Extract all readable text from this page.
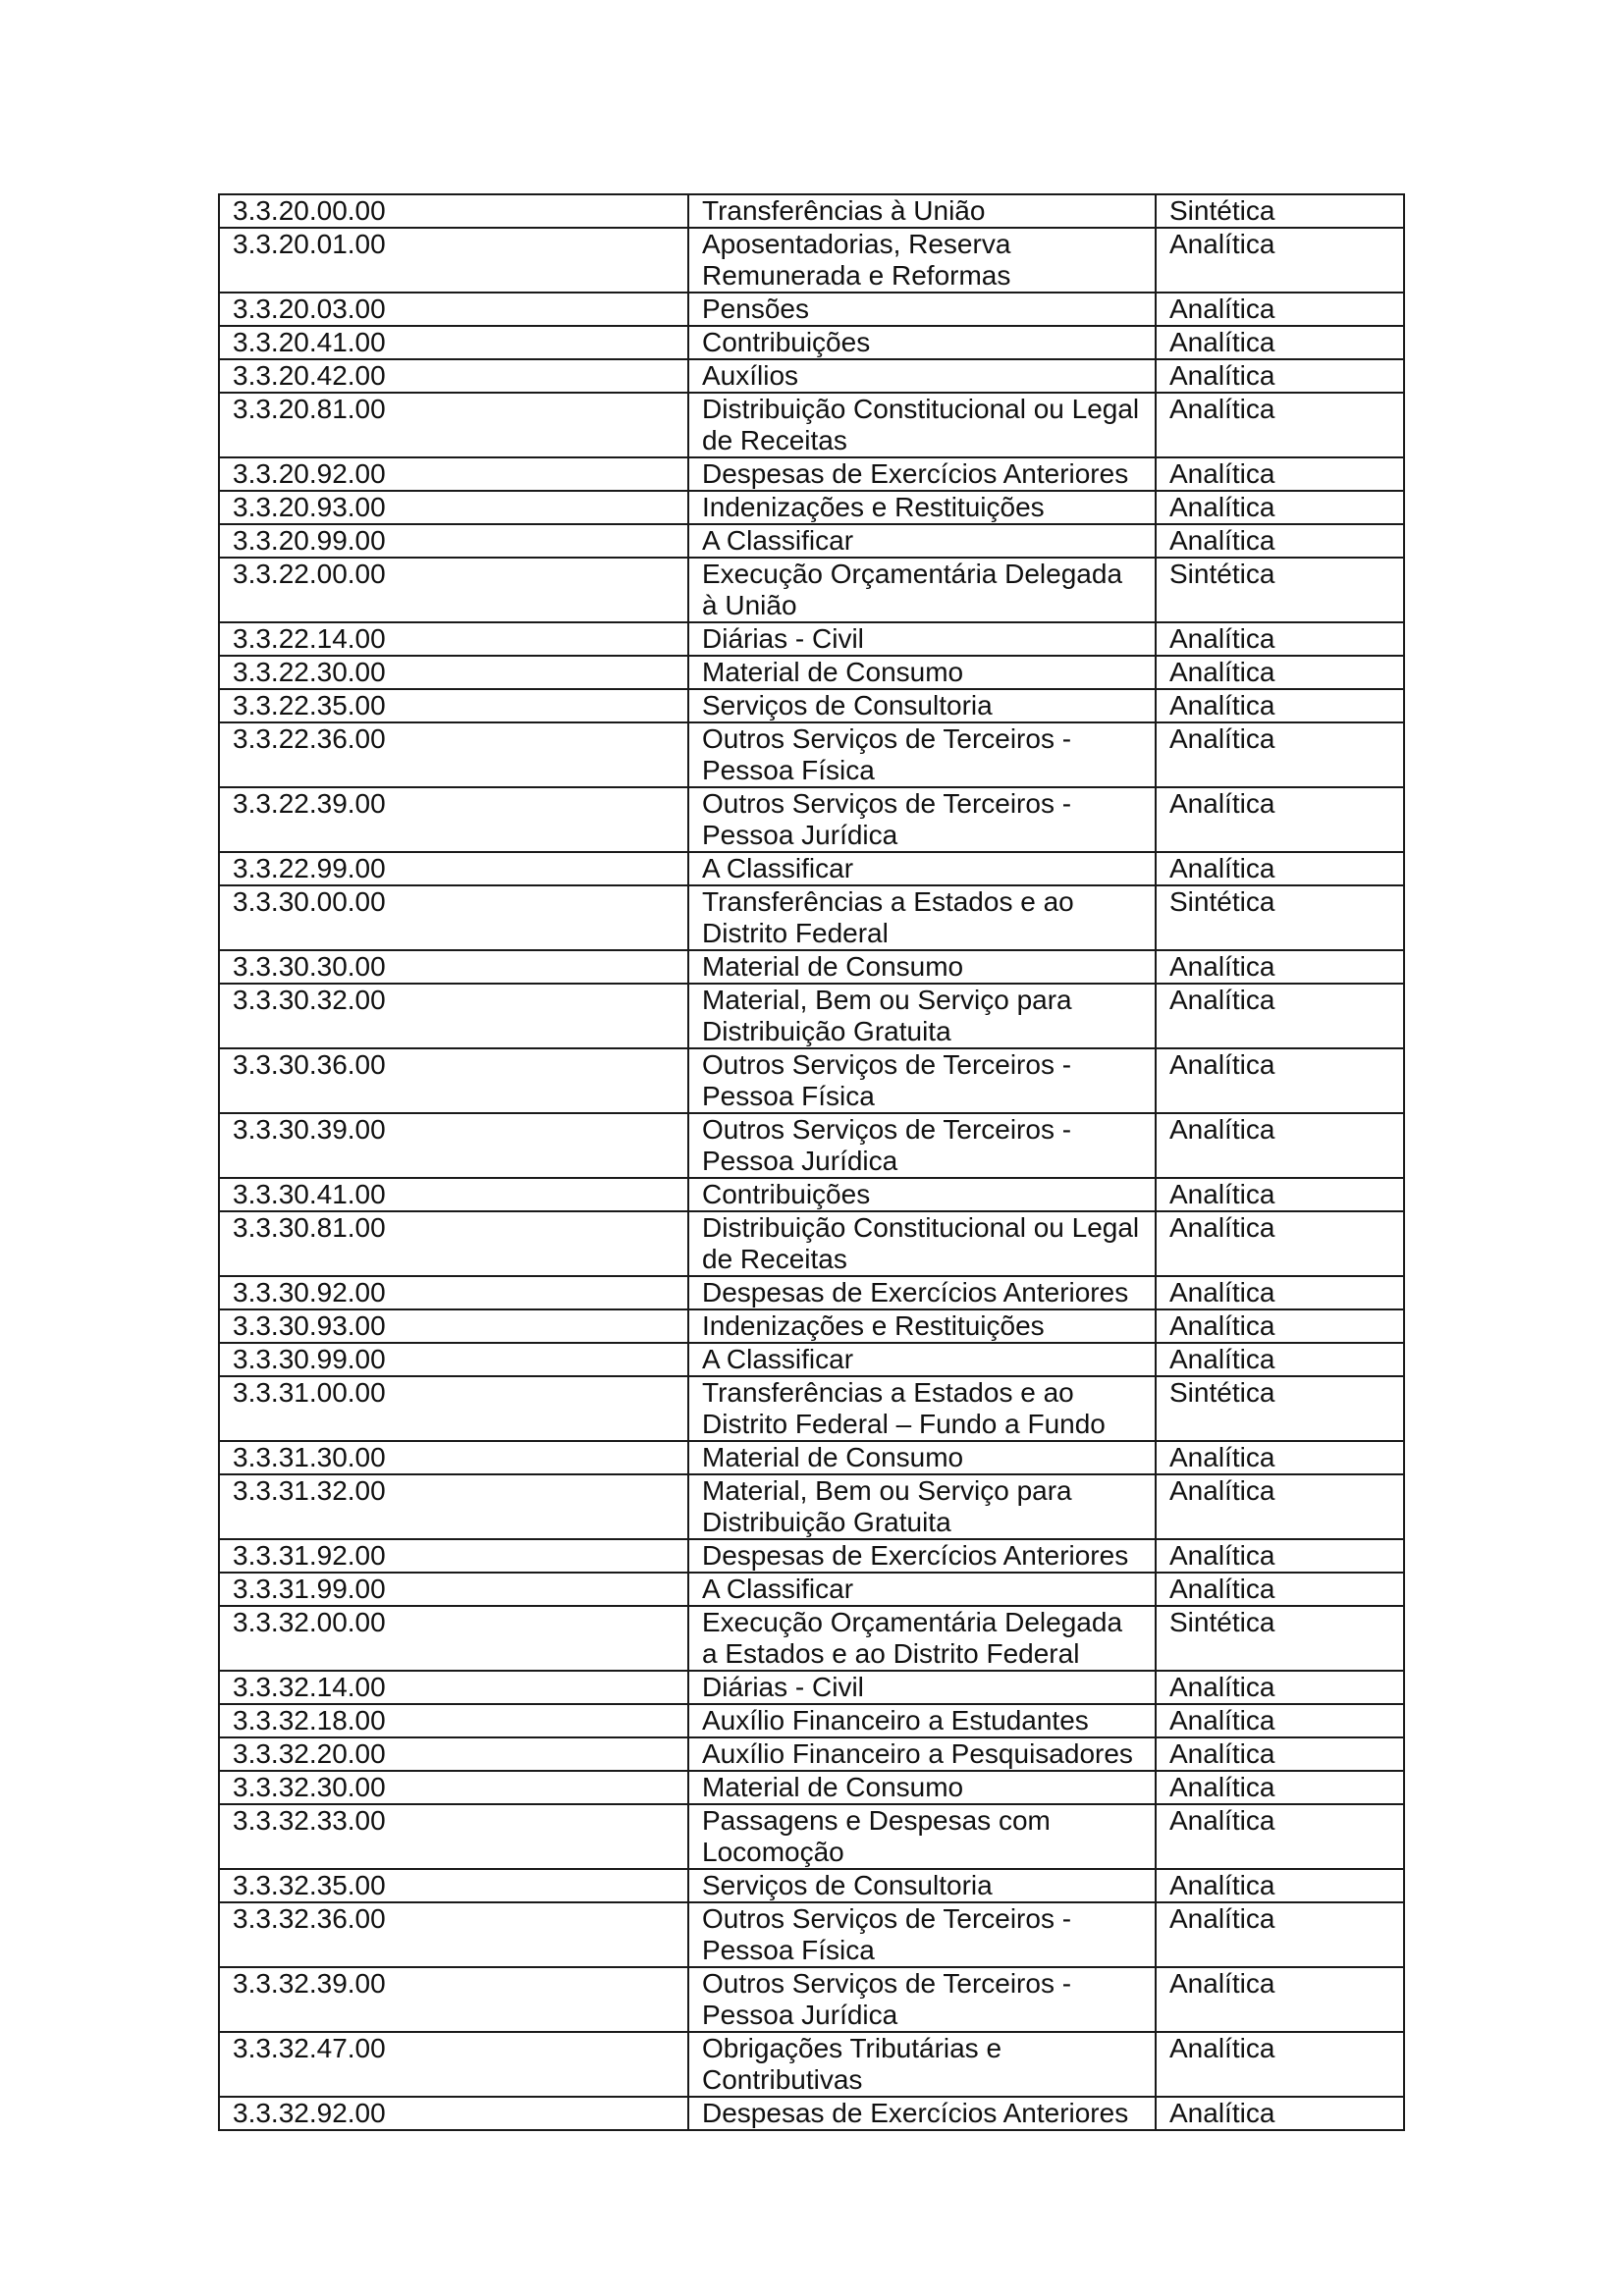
3.3.20.00.00	Transferências à União	Sintética
3.3.20.01.00	Aposentadorias, Reserva Remunerada e Reformas	Analítica
3.3.20.03.00	Pensões	Analítica
3.3.20.41.00	Contribuições	Analítica
3.3.20.42.00	Auxílios	Analítica
3.3.20.81.00	Distribuição Constitucional ou Legal de Receitas	Analítica
3.3.20.92.00	Despesas de Exercícios Anteriores	Analítica
3.3.20.93.00	Indenizações e Restituições	Analítica
3.3.20.99.00	A Classificar	Analítica
3.3.22.00.00	Execução Orçamentária Delegada à União	Sintética
3.3.22.14.00	Diárias - Civil	Analítica
3.3.22.30.00	Material de Consumo	Analítica
3.3.22.35.00	Serviços de Consultoria	Analítica
3.3.22.36.00	Outros Serviços de Terceiros - Pessoa Física	Analítica
3.3.22.39.00	Outros Serviços de Terceiros - Pessoa Jurídica	Analítica
3.3.22.99.00	A Classificar	Analítica
3.3.30.00.00	Transferências a Estados e ao Distrito Federal	Sintética
3.3.30.30.00	Material de Consumo	Analítica
3.3.30.32.00	Material, Bem ou Serviço para Distribuição Gratuita	Analítica
3.3.30.36.00	Outros Serviços de Terceiros - Pessoa Física	Analítica
3.3.30.39.00	Outros Serviços de Terceiros - Pessoa Jurídica	Analítica
3.3.30.41.00	Contribuições	Analítica
3.3.30.81.00	Distribuição Constitucional ou Legal de Receitas	Analítica
3.3.30.92.00	Despesas de Exercícios Anteriores	Analítica
3.3.30.93.00	Indenizações e Restituições	Analítica
3.3.30.99.00	A Classificar	Analítica
3.3.31.00.00	Transferências a Estados e ao Distrito Federal – Fundo a Fundo	Sintética
3.3.31.30.00	Material de Consumo	Analítica
3.3.31.32.00	Material, Bem ou Serviço para Distribuição Gratuita	Analítica
3.3.31.92.00	Despesas de Exercícios Anteriores	Analítica
3.3.31.99.00	A Classificar	Analítica
3.3.32.00.00	Execução Orçamentária Delegada a Estados e ao Distrito Federal	Sintética
3.3.32.14.00	Diárias - Civil	Analítica
3.3.32.18.00	Auxílio Financeiro a Estudantes	Analítica
3.3.32.20.00	Auxílio Financeiro a Pesquisadores	Analítica
3.3.32.30.00	Material de Consumo	Analítica
3.3.32.33.00	Passagens e Despesas com Locomoção	Analítica
3.3.32.35.00	Serviços de Consultoria	Analítica
3.3.32.36.00	Outros Serviços de Terceiros - Pessoa Física	Analítica
3.3.32.39.00	Outros Serviços de Terceiros - Pessoa Jurídica	Analítica
3.3.32.47.00	Obrigações Tributárias e Contributivas	Analítica
3.3.32.92.00	Despesas de Exercícios Anteriores	Analítica
